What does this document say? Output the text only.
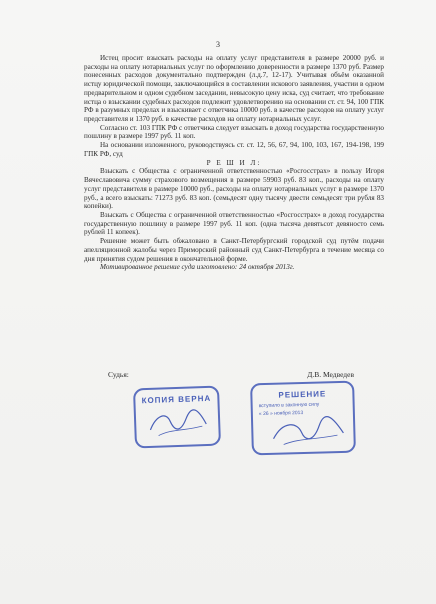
3

Истец просит взыскать расходы на оплату услуг представителя в размере 20000 руб. и расходы на оплату нотариальных услуг по оформлению доверенности в размере 1370 руб. Размер понесенных расходов документально подтвержден (л.д.7, 12-17). Учитывая объём оказанной истцу юридической помощи, заключающийся в составлении искового заявления, участии в одном предварительном и одном судебном заседании, невысокую цену иска, суд считает, что требование истца о взыскании судебных расходов подлежит удовлетворению на основании ст. ст. 94, 100 ГПК РФ в разумных пределах и взыскивает с ответчика 10000 руб. в качестве расходов на оплату услуг представителя и 1370 руб. в качестве расходов на оплату нотариальных услуг.

Согласно ст. 103 ГПК РФ с ответчика следует взыскать в доход государства государственную пошлину в размере 1997 руб. 11 коп.

На основании изложенного, руководствуясь ст. ст. 12, 56, 67, 94, 100, 103, 167, 194-198, 199 ГПК РФ, суд

Р Е Ш И Л:

Взыскать с Общества с ограниченной ответственностью «Росгосстрах» в пользу Игоря Вячеславовича сумму страхового возмещения в размере 59903 руб. 83 коп., расходы на оплату услуг представителя в размере 10000 руб., расходы на оплату нотариальных услуг в размере 1370 руб., а всего взыскать: 71273 руб. 83 коп. (семьдесят одну тысячу двести семьдесят три рубля 83 копейки).

Взыскать с Общества с ограниченной ответственностью «Росгосстрах» в доход государства государственную пошлину в размере 1997 руб. 11 коп. (одна тысяча девятьсот девяносто семь рублей 11 копеек).

Решение может быть обжаловано в Санкт-Петербургский городской суд путём подачи апелляционной жалобы через Приморский районный суд Санкт-Петербурга в течение месяца со дня принятия судом решения в окончательной форме.

Мотивированное решение суда изготовлено: 24 октября 2013г.

Судья:	Д.В. Медведев
КОПИЯ ВЕРНА	РЕШЕНИЕ
вступило в законную силу
« 26 » ноября 2013
